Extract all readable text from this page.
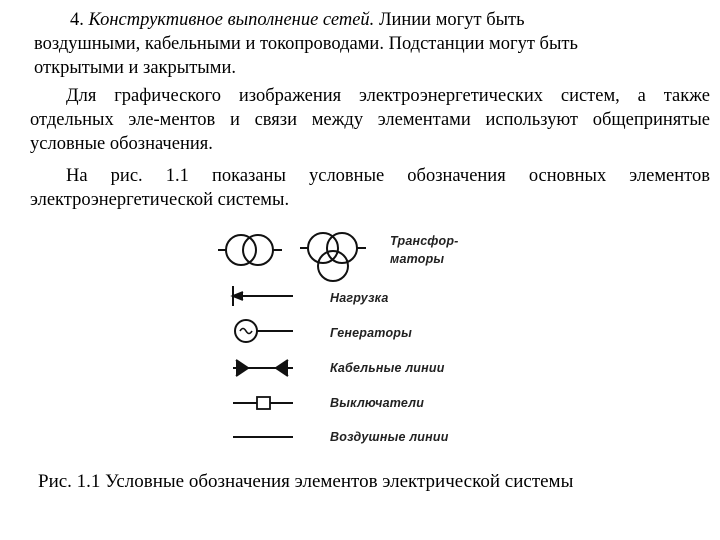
4. Конструктивное выполнение сетей. Линии могут быть
воздушными, кабельными и токопроводами. Подстанции могут быть
открытыми и закрытыми.
Для графического изображения электроэнергетических систем, а также отдельных эле-ментов и связи между элементами используют общепринятые условные обозначения.
На рис. 1.1 показаны условные обозначения основных элементов электроэнергетической системы.
Трансфор-
маторы
Нагрузка
Генераторы
Кабельные линии
Выключатели
Воздушные линии
Рис. 1.1 Условные обозначения элементов электрической системы
